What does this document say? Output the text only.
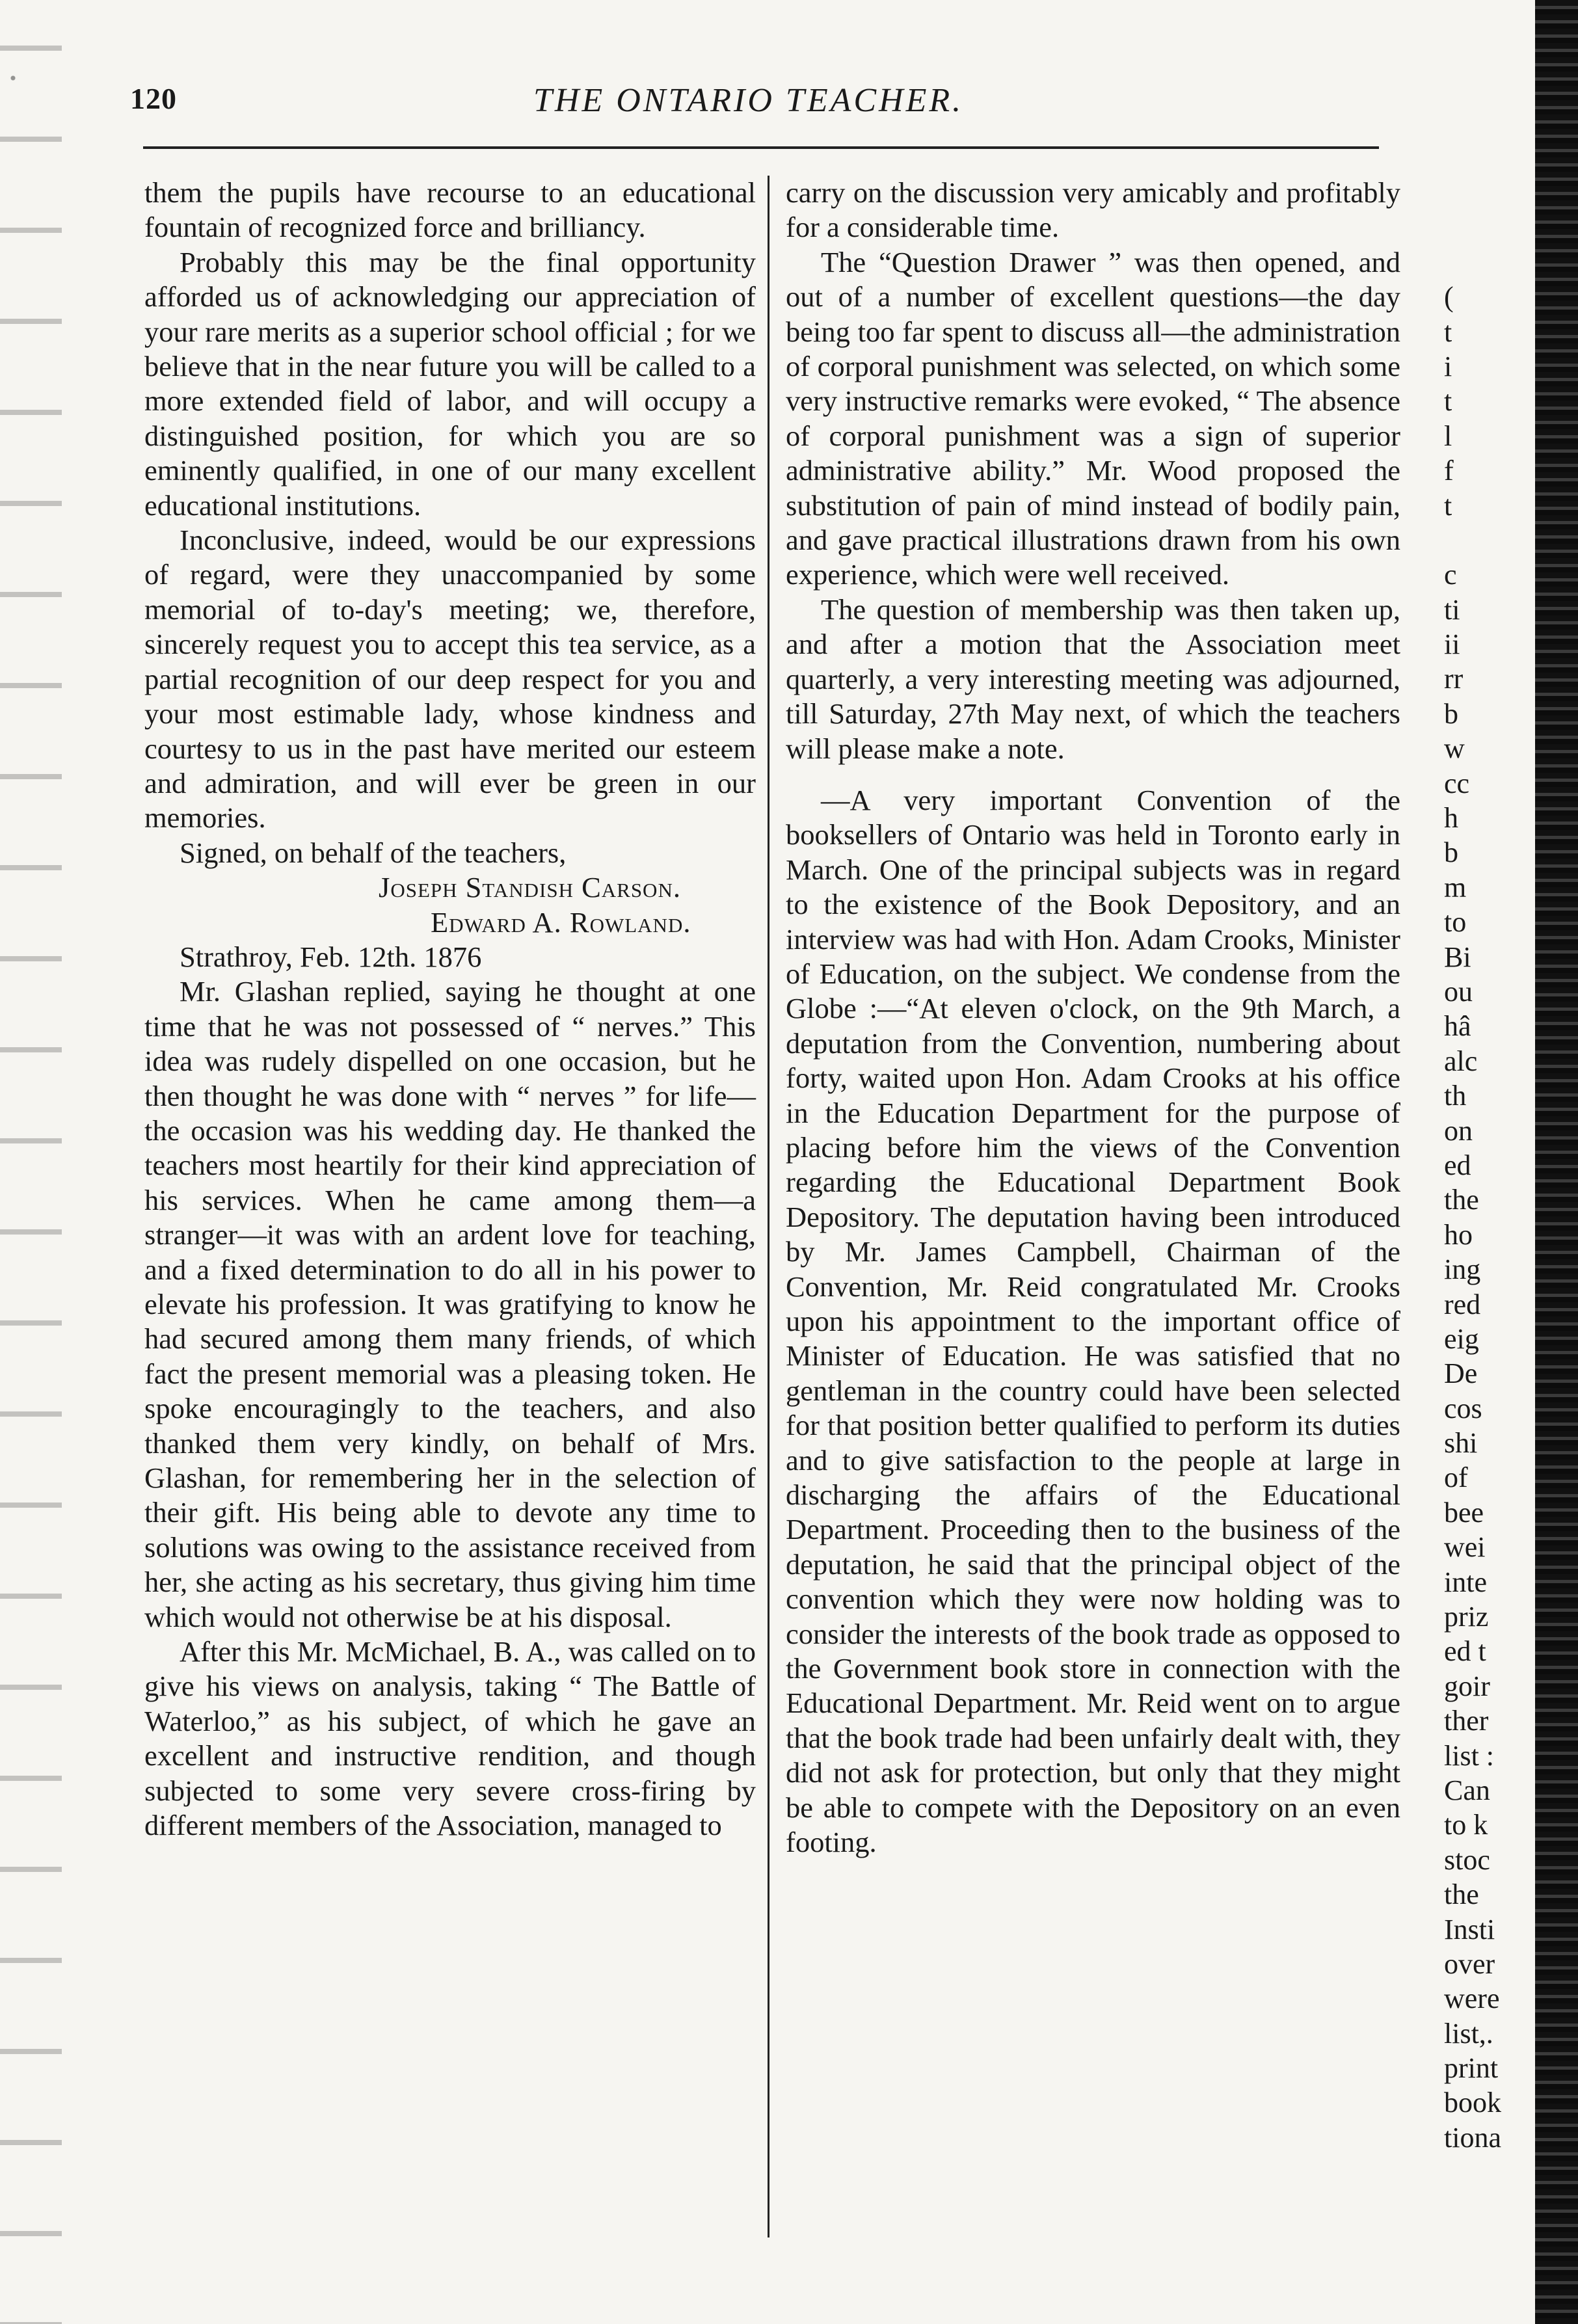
120	THE ONTARIO TEACHER.

them the pupils have recourse to an educational fountain of recognized force and brilliancy.

Probably this may be the final opportunity afforded us of acknowledging our appreciation of your rare merits as a superior school official ; for we believe that in the near future you will be called to a more extended field of labor, and will occupy a distinguished position, for which you are so eminently qualified, in one of our many excellent educational institutions.

Inconclusive, indeed, would be our expressions of regard, were they unaccompanied by some memorial of to-day's meeting; we, therefore, sincerely request you to accept this tea service, as a partial recognition of our deep respect for you and your most estimable lady, whose kindness and courtesy to us in the past have merited our esteem and admiration, and will ever be green in our memories.

Signed, on behalf of the teachers,

Joseph Standish Carson.

Edward A. Rowland.

Strathroy, Feb. 12th. 1876

Mr. Glashan replied, saying he thought at one time that he was not possessed of “ nerves.” This idea was rudely dispelled on one occasion, but he then thought he was done with “ nerves ” for life—the occasion was his wedding day. He thanked the teachers most heartily for their kind appreciation of his services. When he came among them—a stranger—it was with an ardent love for teaching, and a fixed determination to do all in his power to elevate his profession. It was gratifying to know he had secured among them many friends, of which fact the present memorial was a pleasing token. He spoke encouragingly to the teachers, and also thanked them very kindly, on behalf of Mrs. Glashan, for remembering her in the selection of their gift. His being able to devote any time to solutions was owing to the assistance received from her, she acting as his secretary, thus giving him time which would not otherwise be at his disposal.

After this Mr. McMichael, B. A., was called on to give his views on analysis, taking “ The Battle of Waterloo,” as his subject, of which he gave an excellent and instructive rendition, and though subjected to some very severe cross-firing by different members of the Association, managed to

carry on the discussion very amicably and profitably for a considerable time.

The “Question Drawer ” was then opened, and out of a number of excellent questions—the day being too far spent to discuss all—the administration of corporal punishment was selected, on which some very instructive remarks were evoked, “ The absence of corporal punishment was a sign of superior administrative ability.” Mr. Wood proposed the substitution of pain of mind instead of bodily pain, and gave practical illustrations drawn from his own experience, which were well received.

The question of membership was then taken up, and after a motion that the Association meet quarterly, a very interesting meeting was adjourned, till Saturday, 27th May next, of which the teachers will please make a note.

—A very important Convention of the booksellers of Ontario was held in Toronto early in March. One of the principal subjects was in regard to the existence of the Book Depository, and an interview was had with Hon. Adam Crooks, Minister of Education, on the subject. We condense from the Globe :—“At eleven o'clock, on the 9th March, a deputation from the Convention, numbering about forty, waited upon Hon. Adam Crooks at his office in the Education Department for the purpose of placing before him the views of the Convention regarding the Educational Department Book Depository. The deputation having been introduced by Mr. James Campbell, Chairman of the Convention, Mr. Reid congratulated Mr. Crooks upon his appointment to the important office of Minister of Education. He was satisfied that no gentleman in the country could have been selected for that position better qualified to perform its duties and to give satisfaction to the people at large in discharging the affairs of the Educational Department. Proceeding then to the business of the deputation, he said that the principal object of the convention which they were now holding was to consider the interests of the book trade as opposed to the Government book store in connection with the Educational Department. Mr. Reid went on to argue that the book trade had been unfairly dealt with, they did not ask for protection, but only that they might be able to compete with the Depository on an even footing.

(
t
i
t
l
f
t
c
ti
ii
rr
b
w
cc
h
b
m
to
Bi
ou
hâ
alc
th
on
ed
the
ho
ing
red
eig
De
cos
shi
of
bee
wei
inte
priz
ed t
goir
ther
list :
Can
to k
stoc
the
Insti
over
were
list,.
print
book
tiona
